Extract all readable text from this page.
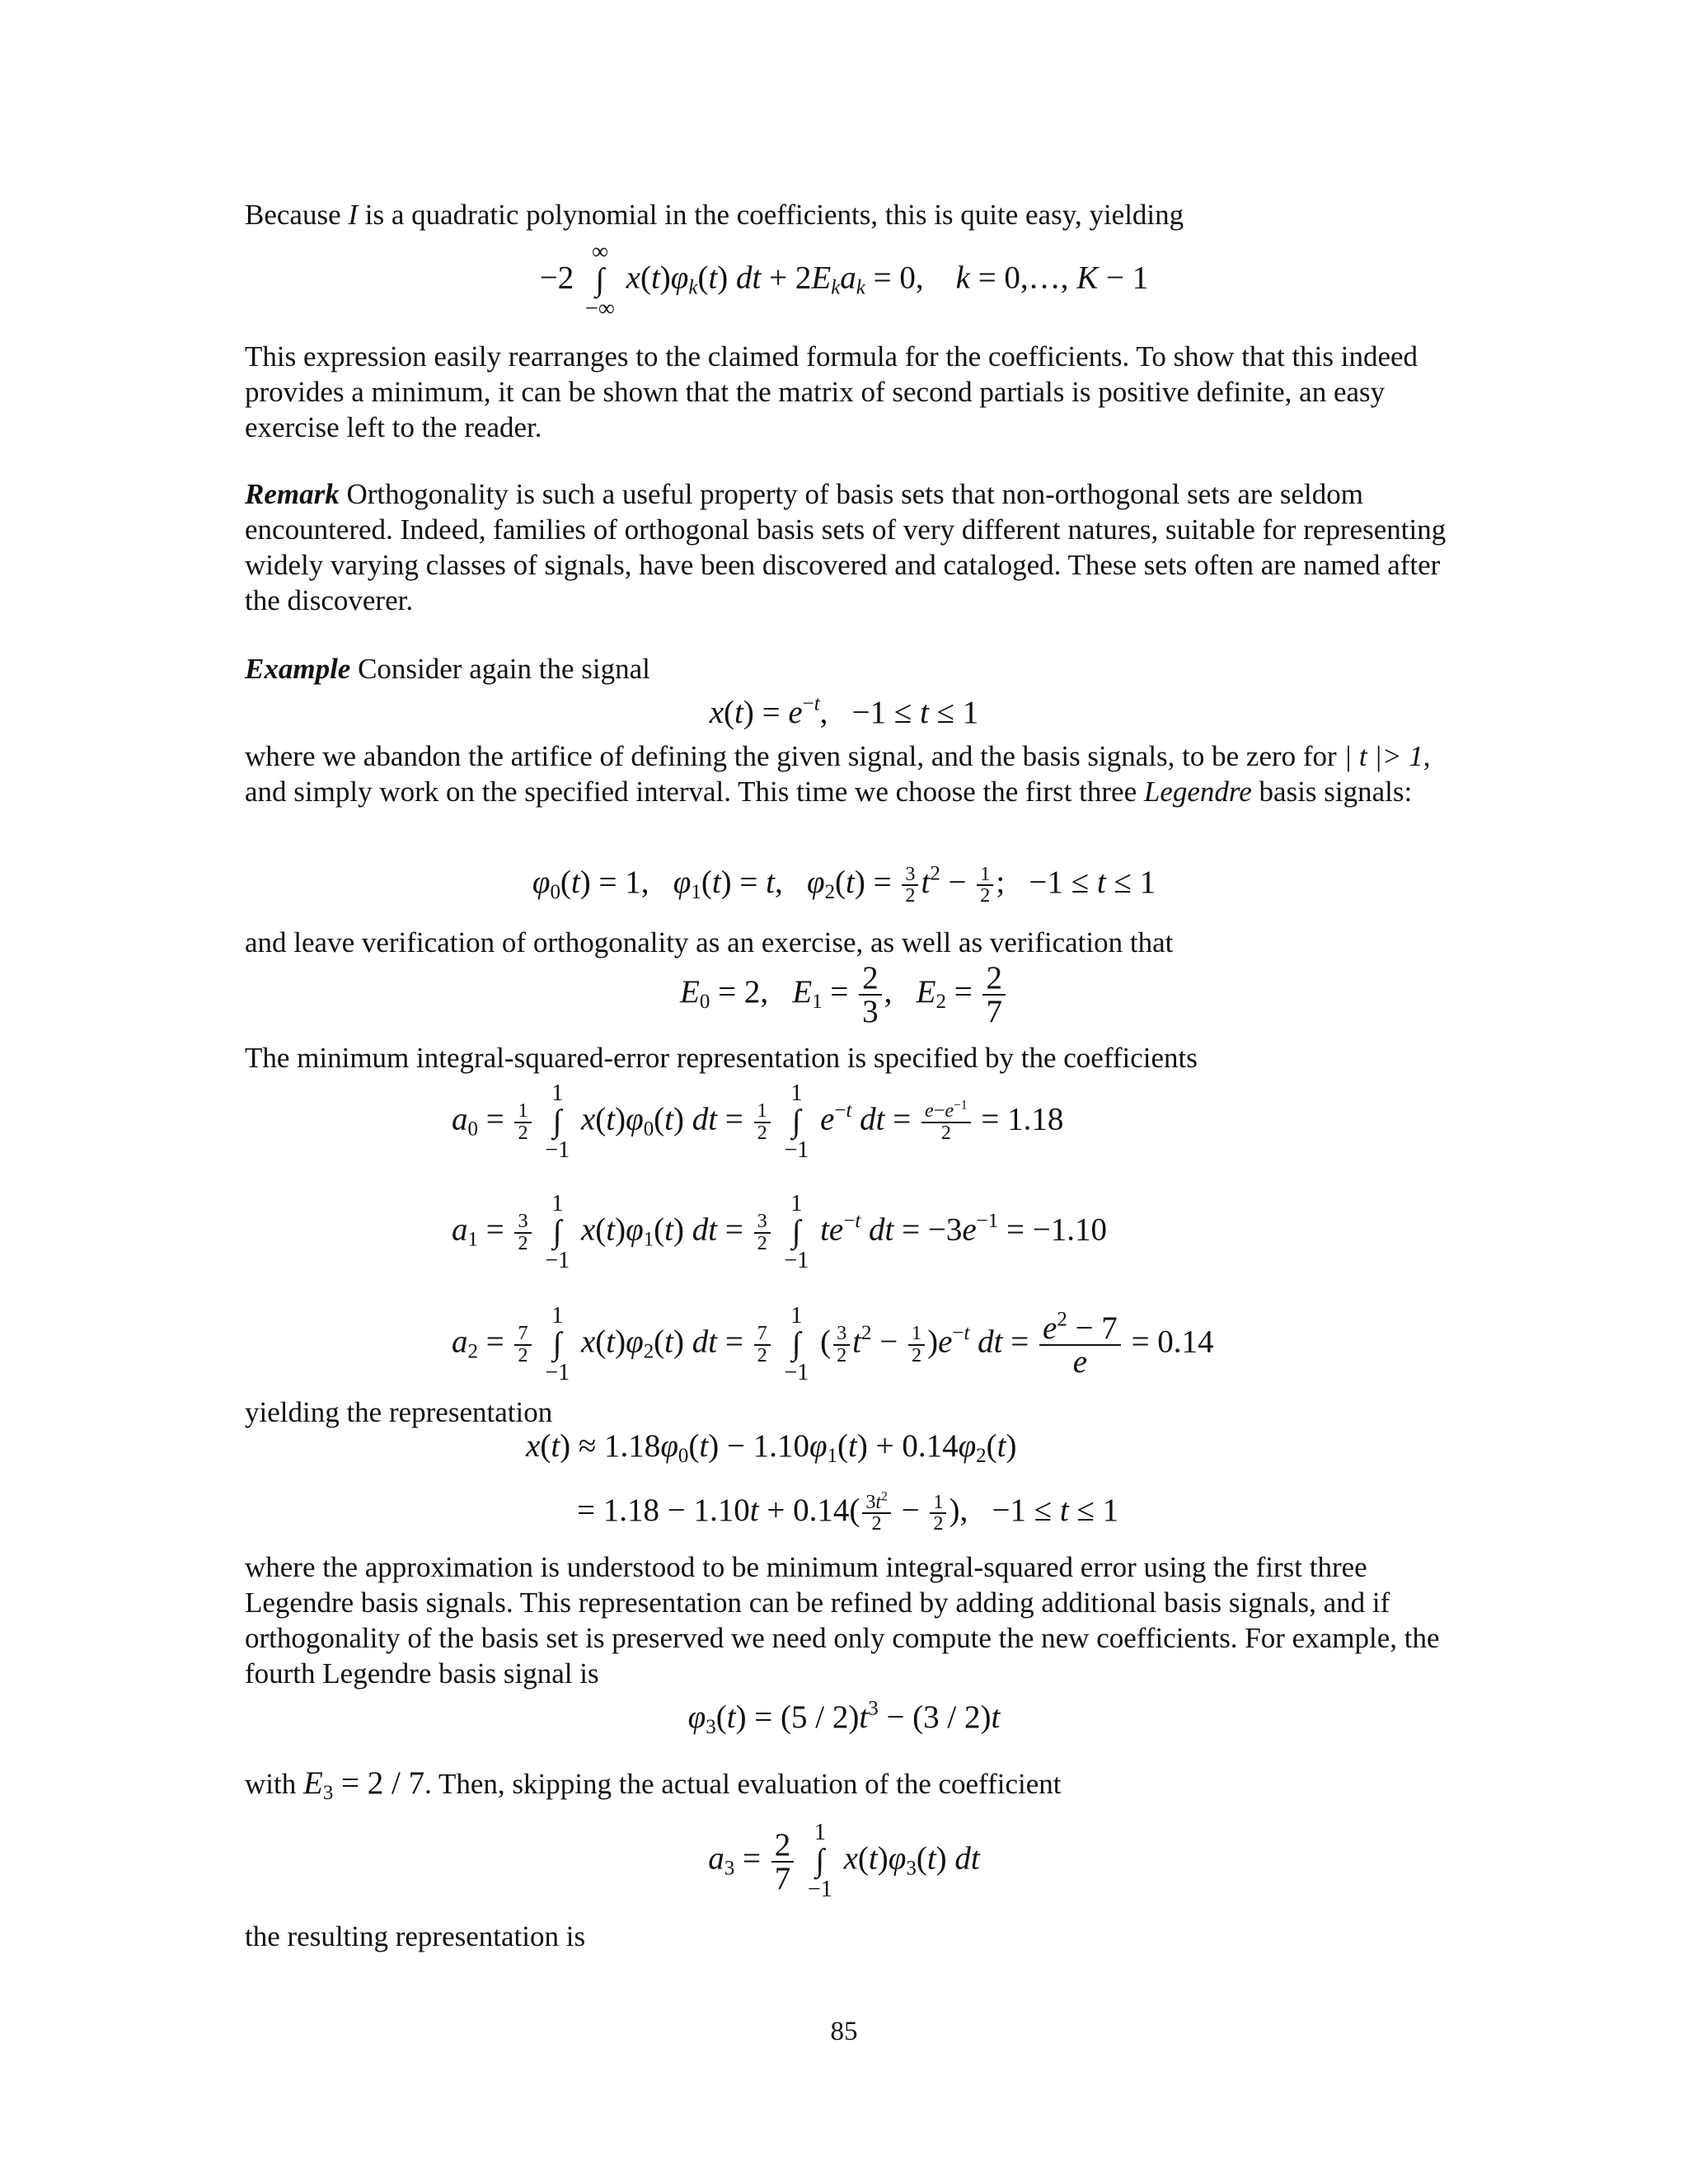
Because I is a quadratic polynomial in the coefficients, this is quite easy, yielding

−2
∞
∫
−∞
$x(t)\varphi_k(t)$ dt + $2E_ka_k = 0$,    k = 0,…, K − 1

This expression easily rearranges to the claimed formula for the coefficients. To show that this indeed provides a minimum, it can be shown that the matrix of second partials is positive definite, an easy exercise left to the reader.

Remark Orthogonality is such a useful property of basis sets that non-orthogonal sets are seldom encountered. Indeed, families of orthogonal basis sets of very different natures, suitable for representing widely varying classes of signals, have been discovered and cataloged. These sets often are named after the discoverer.

Example Consider again the signal

$x(t) = e^{-t}$,   −1 ≤ t ≤ 1

where we abandon the artifice of defining the given signal, and the basis signals, to be zero for | t |> 1, and simply work on the specified interval. This time we choose the first three Legendre basis signals:

$\varphi_0(t) = 1$,   $\varphi_1(t) = t$,   $\varphi_2(t) = \frac{3}{2} t^2 - \frac{1}{2}$ ;   −1 ≤ t ≤ 1

and leave verification of orthogonality as an exercise, as well as verification that

$E_0 = 2$,   $E_1 = \frac{2}{3}$ ,   $E_2 = \frac{2}{7}$

The minimum integral-squared-error representation is specified by the coefficients

$a_0 = \frac{1}{2}$

1
∫
−1
$x(t)\varphi_0(t)$ dt = $\frac{1}{2}$

1
∫
−1
$e^{-t}$ dt = $\frac{e-e^{-1}}{2} = 1.18$
$a_1 = \frac{3}{2}$

1
∫
−1
$x(t)\varphi_1(t)$ dt = $\frac{3}{2}$

1
∫
−1
$te^{-t}$ dt = $-3e^{-1} = -1.10$
$a_2 = \frac{7}{2}$

1
∫
−1
$x(t)\varphi_2(t)$ dt = $\frac{7}{2}$

1
∫
−1
( $\frac{3}{2} t^2 - \frac{1}{2} )e^{-t}$ dt = $\frac{e^2 - 7}{e} = 0.14$

yielding the representation

$x(t) \approx 1.18\varphi_0(t) - 1.10\varphi_1(t) + 0.14\varphi_2(t)$
= $1.18 - 1.10t + 0.14( \frac{3t^2}{2} - \frac{1}{2}$ ),   −1 ≤ t ≤ 1

where the approximation is understood to be minimum integral-squared error using the first three Legendre basis signals. This representation can be refined by adding additional basis signals, and if orthogonality of the basis set is preserved we need only compute the new coefficients. For example, the fourth Legendre basis signal is

$\varphi_3(t) = (5 / 2)t^3 - (3 / 2)t$

with $E_3 = 2 / 7$. Then, skipping the actual evaluation of the coefficient

$a_3 = \frac{2}{7}$
1
∫
−1
$x(t)\varphi_3(t)$ dt

the resulting representation is

85
